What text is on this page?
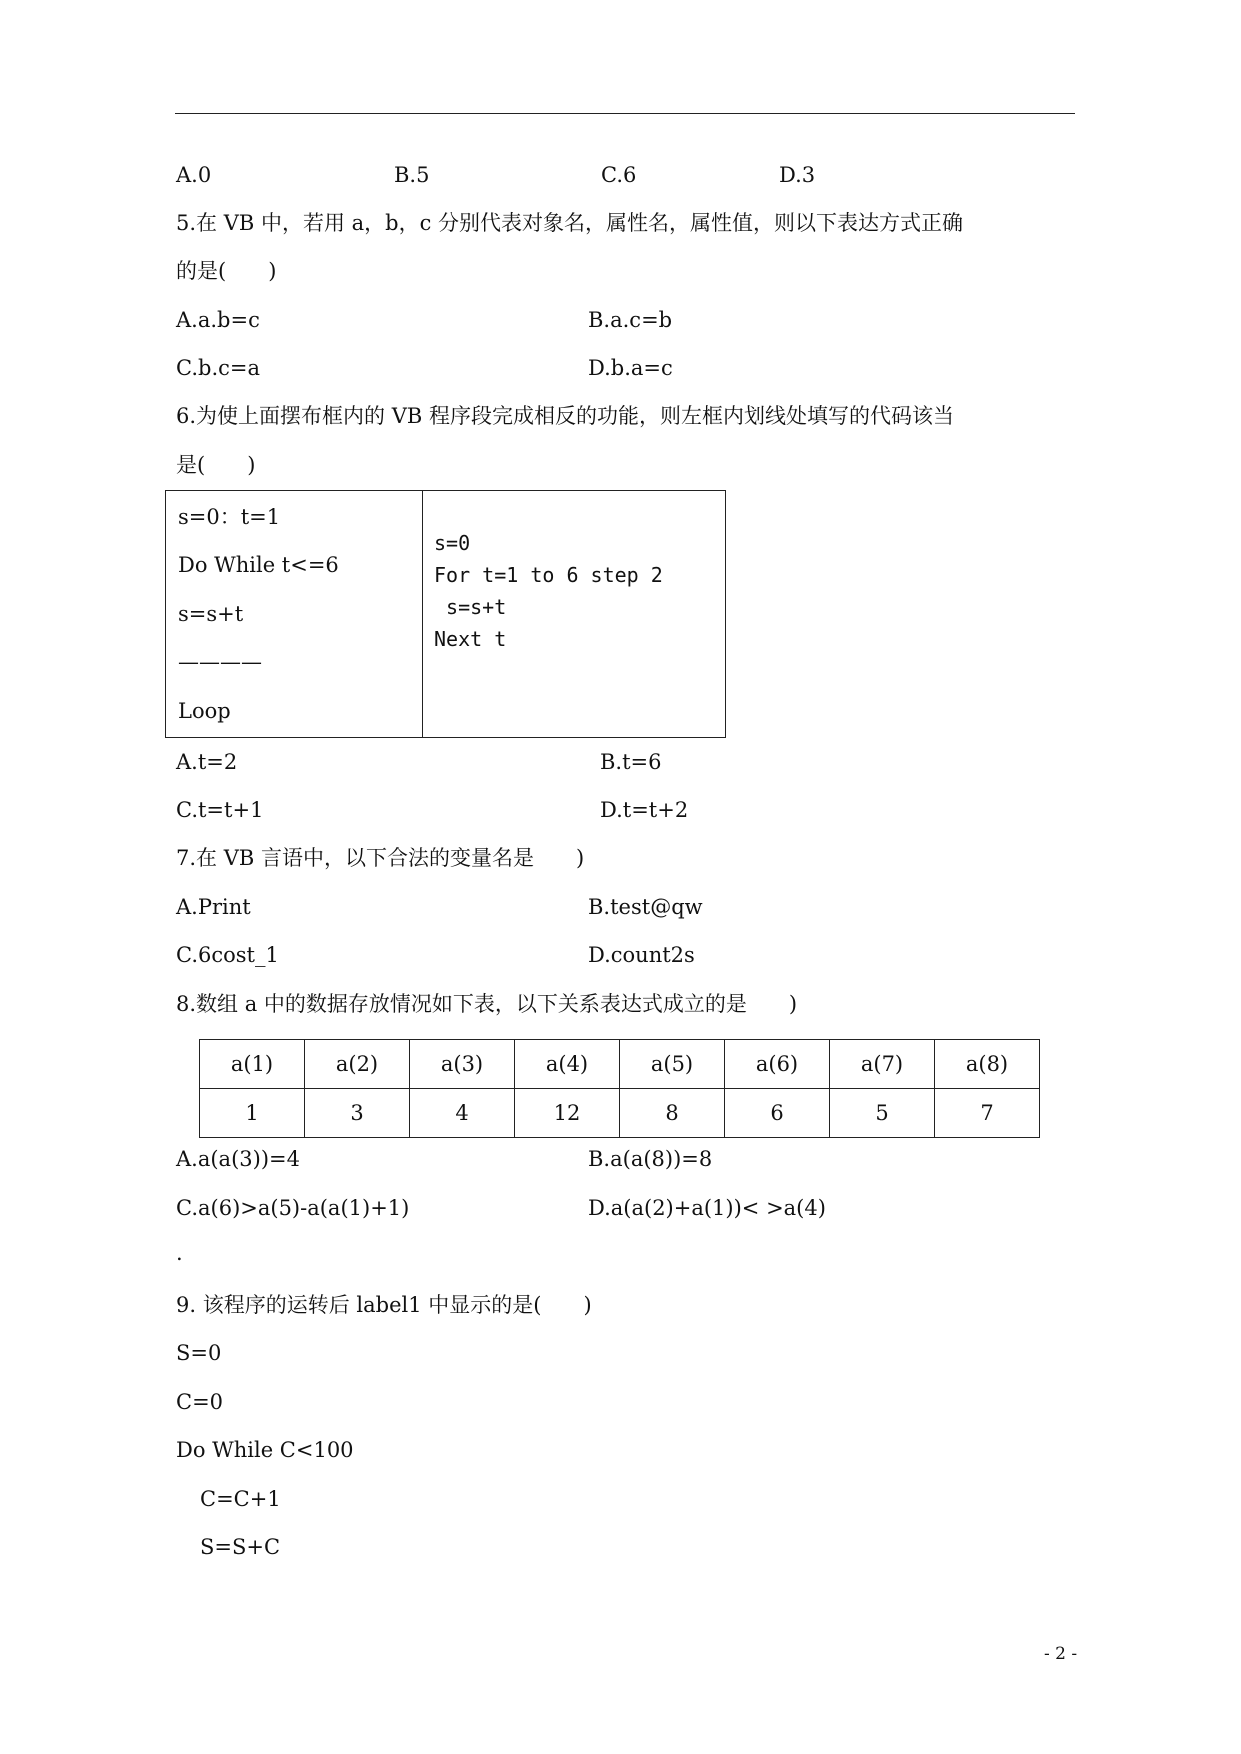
A.0	B.5	C.6	D.3
5.在 VB 中，若用 a，b，c 分别代表对象名，属性名，属性值，则以下表达方式正确
的是(　　)
A.a.b=c	B.a.c=b
C.b.c=a	D.b.a=c
6.为使上面摆布框内的 VB 程序段完成相反的功能，则左框内划线处填写的代码该当
是(　　)
s=0：t=1
Do While t<=6
s=s+t
————
Loop

s=0
For t=1 to 6 step 2
s=s+t
Next t
A.t=2	B.t=6
C.t=t+1	D.t=t+2
7.在 VB 言语中，以下合法的变量名是　　)
A.Print	B.test@qw
C.6cost_1	D.count2s
8.数组 a 中的数据存放情况如下表，以下关系表达式成立的是　　)
a(1)	a(2)	a(3)	a(4)	a(5)	a(6)	a(7)	a(8)
1	3	4	12	8	6	5	7
A.a(a(3))=4	B.a(a(8))=8
C.a(6)>a(5)-a(a(1)+1)	D.a(a(2)+a(1))< >a(4)
.
9. 该程序的运转后 label1 中显示的是(　　)
S=0
C=0
Do While C<100
C=C+1
S=S+C
- 2 -
